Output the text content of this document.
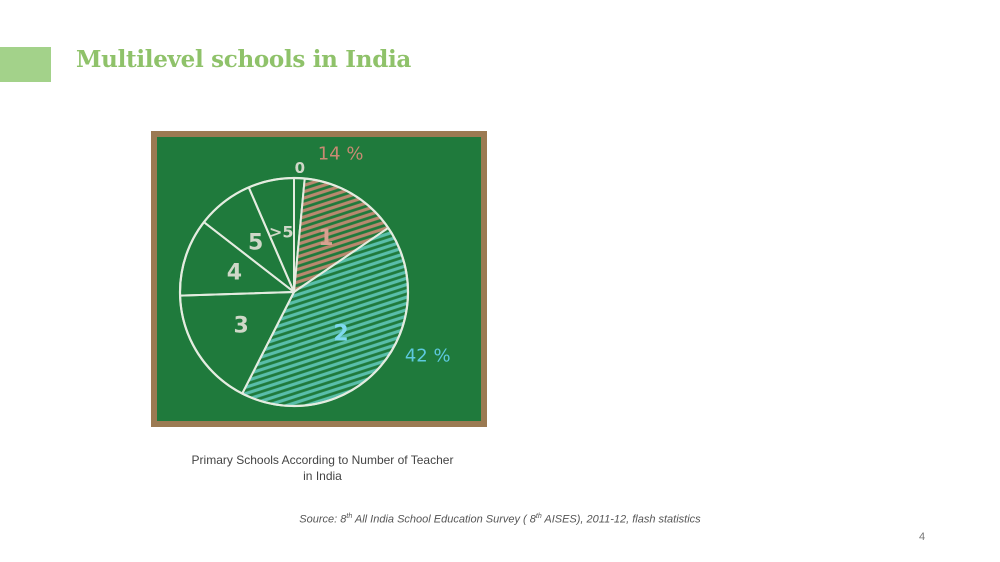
Multilevel schools in India
0
1
14 %
2
42 %
3
4
5 >5
Primary Schools According to Number of Teacher
in India
Source: 8th All India School Education Survey ( 8th AISES), 2011-12, flash statistics
4
